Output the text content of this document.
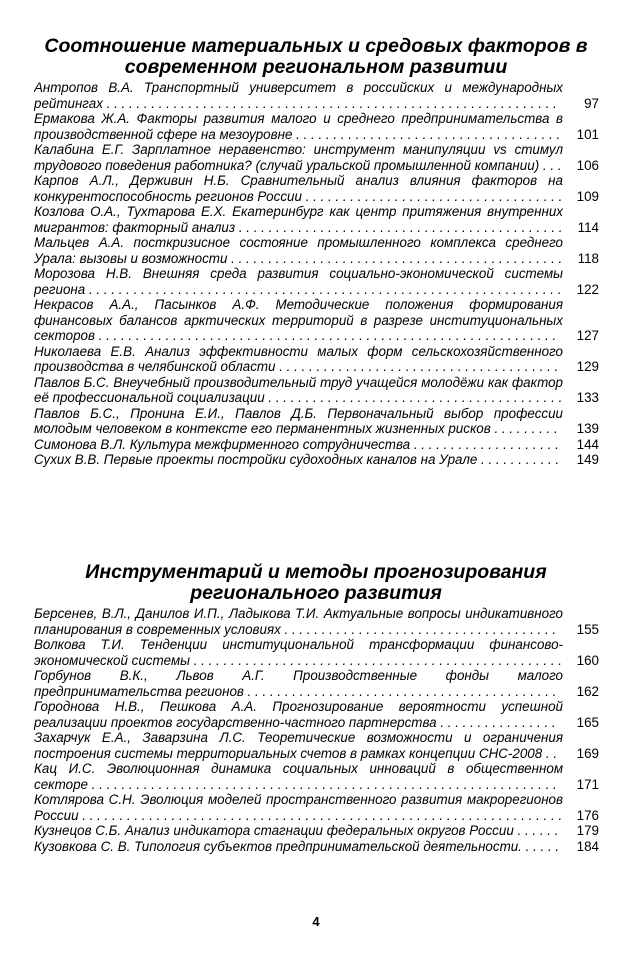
Соотношение материальных и средовых факторов в
современном региональном развитии
Антропов В.А. Транспортный университет в российских и международных рейтингах . . . . . . . . . . . . . . . . . . . . . . . . . . . . . . . . . . . . . . . . . . . . . . . . . . . . . . . . . . . . .	97
Ермакова Ж.А. Факторы развития малого и среднего предпринимательства в производственной сфере на мезоуровне . . . . . . . . . . . . . . . . . . . . . . . . . . . . . . . . . . . .	101
Калабина Е.Г. Зарплатное неравенство: инструмент манипуляции vs стимул трудового поведения работника? (случай уральской промышленной компании) . . .	106
Карпов А.Л., Держивин Н.Б. Сравнительный анализ влияния факторов на конкурентоспособность регионов России . . . . . . . . . . . . . . . . . . . . . . . . . . . . . . . . . . .	109
Козлова О.А., Тухтарова Е.Х. Екатеринбург как центр притяжения внутренних мигрантов: факторный анализ . . . . . . . . . . . . . . . . . . . . . . . . . . . . . . . . . . . . . . . . . . . .	114
Мальцев А.А. посткризисное состояние промышленного комплекса среднего Урала: вызовы и возможности . . . . . . . . . . . . . . . . . . . . . . . . . . . . . . . . . . . . . . . . . . . . .	118
Морозова Н.В. Внешняя среда развития социально-экономической системы региона . . . . . . . . . . . . . . . . . . . . . . . . . . . . . . . . . . . . . . . . . . . . . . . . . . . . . . . . . . . . . . . .	122
Некрасов А.А., Пасынков А.Ф. Методические положения формирования финансовых балансов арктических территорий в разрезе институциональных секторов . . . . . . . . . . . . . . . . . . . . . . . . . . . . . . . . . . . . . . . . . . . . . . . . . . . . . . . . . . . . . .	127
Николаева Е.В. Анализ эффективности малых форм сельскохозяйственного производства в челябинской области . . . . . . . . . . . . . . . . . . . . . . . . . . . . . . . . . . . . . .	129
Павлов Б.С. Внеучебный производительный труд учащейся молодёжи как фактор её профессиональной социализации . . . . . . . . . . . . . . . . . . . . . . . . . . . . . . . . . . . . . . . .	133
Павлов Б.С., Пронина Е.И., Павлов Д.Б. Первоначальный выбор профессии молодым человеком в контексте его перманентных жизненных рисков . . . . . . . . .	139
Симонова В.Л. Культура межфирменного сотрудничества . . . . . . . . . . . . . . . . . . . .	144
Сухих В.В. Первые проекты постройки судоходных каналов на Урале . . . . . . . . . . .	149
Инструментарий и методы прогнозирования
регионального развития
Берсенев, В.Л., Данилов И.П., Ладыкова Т.И. Актуальные вопросы индикативного планирования в современных условиях . . . . . . . . . . . . . . . . . . . . . . . . . . . . . . . . . . . . .	155
Волкова Т.И. Тенденции институциональной трансформации финансово-экономической системы . . . . . . . . . . . . . . . . . . . . . . . . . . . . . . . . . . . . . . . . . . . . . . . . . .	160
Горбунов В.К., Львов А.Г. Производственные фонды малого предпринимательства регионов . . . . . . . . . . . . . . . . . . . . . . . . . . . . . . . . . . . . . . . . . .	162
Городнова Н.В., Пешкова А.А. Прогнозирование вероятности успешной реализации проектов государственно-частного партнерства . . . . . . . . . . . . . . . .	165
Захарчук Е.А., Заварзина Л.С. Теоретические возможности и ограничения построения системы территориальных счетов в рамках концепции СНС-2008 . .	169
Кац И.С. Эволюционная динамика социальных инноваций в общественном секторе . . . . . . . . . . . . . . . . . . . . . . . . . . . . . . . . . . . . . . . . . . . . . . . . . . . . . . . . . . . . . . .	171
Котлярова С.Н. Эволюция моделей пространственного развития макрорегионов России . . . . . . . . . . . . . . . . . . . . . . . . . . . . . . . . . . . . . . . . . . . . . . . . . . . . . . . . . . . . . . . . .	176
Кузнецов С.Б. Анализ индикатора стагнации федеральных округов России . . . . . .	179
Кузовкова С. В. Типология субъектов предпринимательской деятельности. . . . . .	184
4
